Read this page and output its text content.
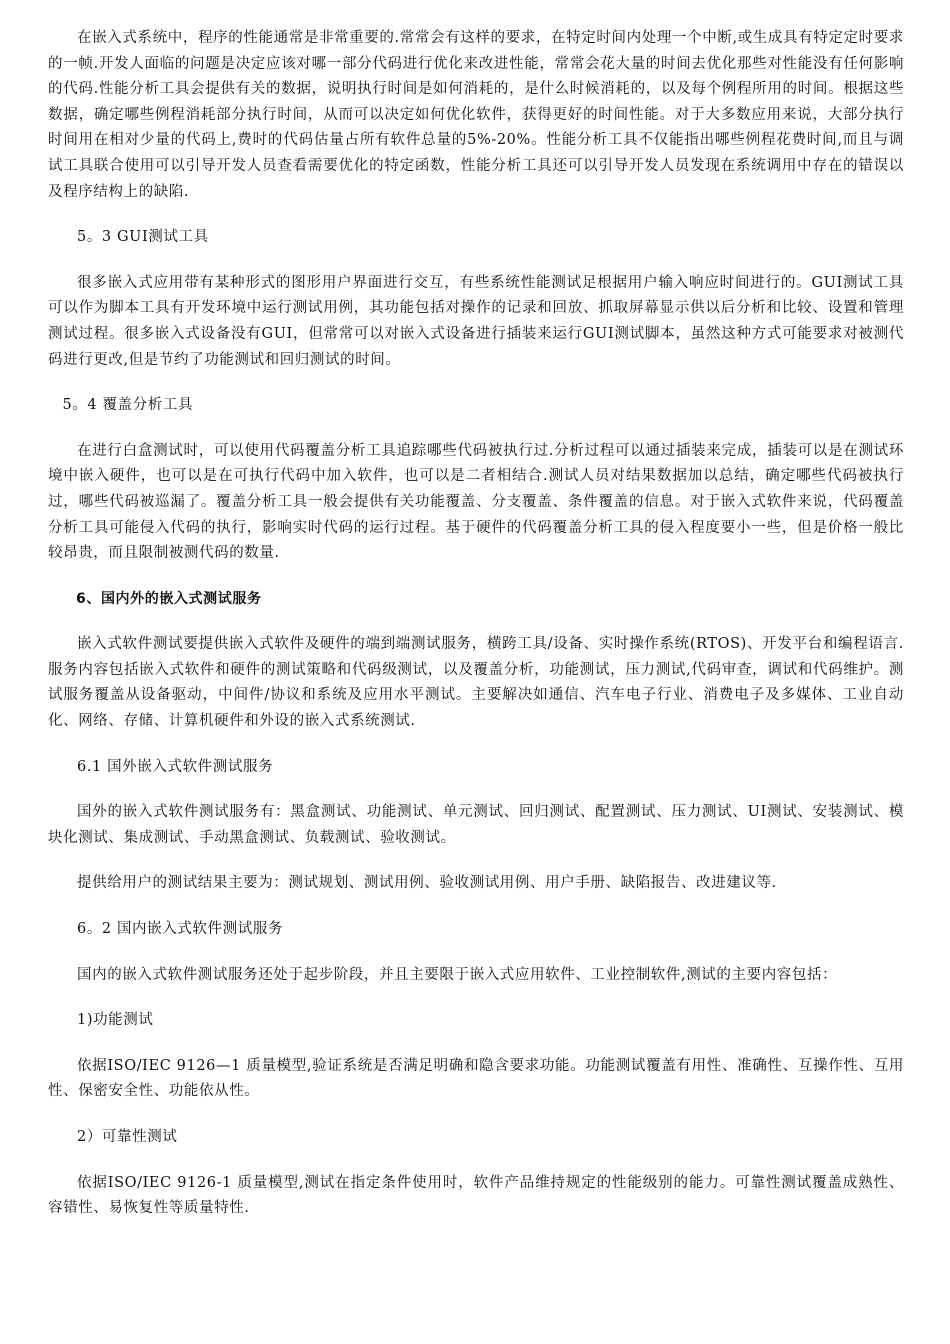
在嵌入式系统中，程序的性能通常是非常重要的.常常会有这样的要求，在特定时间内处理一个中断,或生成具有特定定时要求的一帧.开发人面临的问题是决定应该对哪一部分代码进行优化来改进性能，常常会花大量的时间去优化那些对性能没有任何影响的代码.性能分析工具会提供有关的数据，说明执行时间是如何消耗的，是什么时候消耗的，以及每个例程所用的时间。根据这些数据，确定哪些例程消耗部分执行时间，从而可以决定如何优化软件，获得更好的时间性能。对于大多数应用来说，大部分执行时间用在相对少量的代码上,费时的代码估量占所有软件总量的5%-20%。性能分析工具不仅能指出哪些例程花费时间,而且与调试工具联合使用可以引导开发人员查看需要优化的特定函数，性能分析工具还可以引导开发人员发现在系统调用中存在的错误以及程序结构上的缺陷.

5。3 GUI测试工具

很多嵌入式应用带有某种形式的图形用户界面进行交互，有些系统性能测试足根据用户输入响应时间进行的。GUI测试工具可以作为脚本工具有开发环境中运行测试用例，其功能包括对操作的记录和回放、抓取屏幕显示供以后分析和比较、设置和管理测试过程。很多嵌入式设备没有GUI，但常常可以对嵌入式设备进行插装来运行GUI测试脚本，虽然这种方式可能要求对被测代码进行更改,但是节约了功能测试和回归测试的时间。

5。4 覆盖分析工具

在进行白盒测试时，可以使用代码覆盖分析工具追踪哪些代码被执行过.分析过程可以通过插装来完成，插装可以是在测试环境中嵌入硬件，也可以是在可执行代码中加入软件，也可以是二者相结合.测试人员对结果数据加以总结，确定哪些代码被执行过，哪些代码被巡漏了。覆盖分析工具一般会提供有关功能覆盖、分支覆盖、条件覆盖的信息。对于嵌入式软件来说，代码覆盖分析工具可能侵入代码的执行，影响实时代码的运行过程。基于硬件的代码覆盖分析工具的侵入程度要小一些，但是价格一般比较昂贵，而且限制被测代码的数量.

6、国内外的嵌入式测试服务

嵌入式软件测试要提供嵌入式软件及硬件的端到端测试服务，横跨工具/设备、实时操作系统(RTOS)、开发平台和编程语言.服务内容包括嵌入式软件和硬件的测试策略和代码级测试，以及覆盖分析，功能测试，压力测试,代码审查，调试和代码维护。测试服务覆盖从设备驱动，中间件/协议和系统及应用水平测试。主要解决如通信、汽车电子行业、消费电子及多媒体、工业自动化、网络、存储、计算机硬件和外设的嵌入式系统测试.

6.1 国外嵌入式软件测试服务

国外的嵌入式软件测试服务有：黑盒测试、功能测试、单元测试、回归测试、配置测试、压力测试、UI测试、安装测试、模块化测试、集成测试、手动黑盒测试、负载测试、验收测试。

提供给用户的测试结果主要为：测试规划、测试用例、验收测试用例、用户手册、缺陷报告、改进建议等.

6。2 国内嵌入式软件测试服务

国内的嵌入式软件测试服务还处于起步阶段，并且主要限于嵌入式应用软件、工业控制软件,测试的主要内容包括：

1)功能测试

依据ISO/IEC 9126—1 质量模型,验证系统是否满足明确和隐含要求功能。功能测试覆盖有用性、准确性、互操作性、互用性、保密安全性、功能依从性。

2）可靠性测试

依据ISO/IEC 9126-1 质量模型,测试在指定条件使用时，软件产品维持规定的性能级别的能力。可靠性测试覆盖成熟性、容错性、易恢复性等质量特性.
